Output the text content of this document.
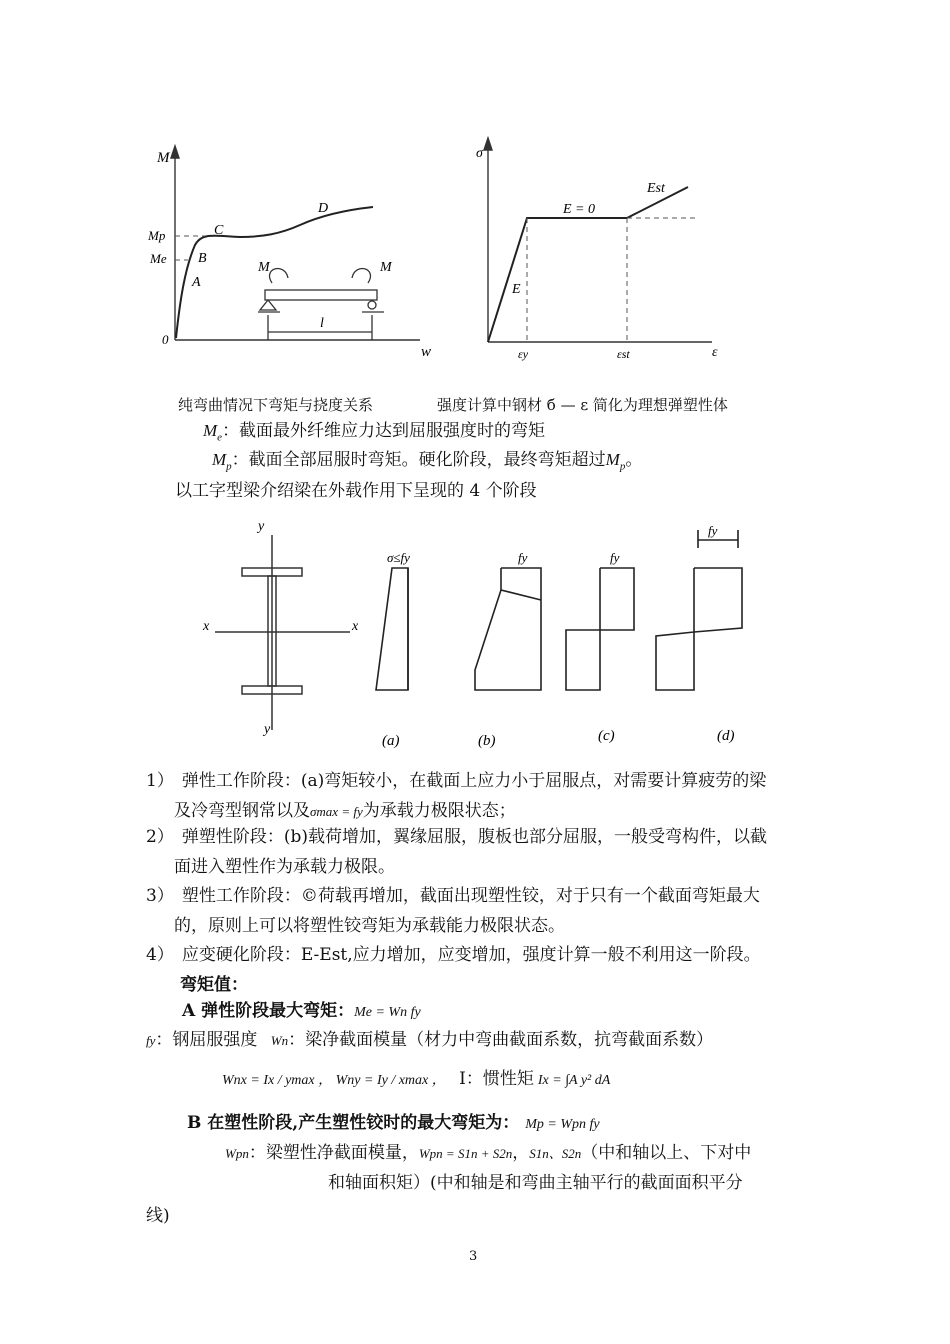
M
w
0
Mp
Me
A
B
C
D
M	M
l
σ
ε
E
E = 0
Est
εy	εst
纯弯曲情况下弯矩与挠度关系	强度计算中钢材 б — ε 简化为理想弹塑性体
$M_e$：截面最外纤维应力达到屈服强度时的弯矩
$M_p$：截面全部屈服时弯矩。硬化阶段，最终弯矩超过$M_p$。
以工字型梁介绍梁在外载作用下呈现的 4 个阶段
y
y
x	x
σ≤fy
(a)
fy
(b)
fy
(c)
fy
(d)
1） 弹性工作阶段：(a)弯矩较小，在截面上应力小于屈服点，对需要计算疲劳的梁
及冷弯型钢常以及σmax = fy为承载力极限状态；
2） 弹塑性阶段：(b)载荷增加，翼缘屈服，腹板也部分屈服，一般受弯构件，以截
面进入塑性作为承载力极限。
3） 塑性工作阶段：©荷载再增加，截面出现塑性铰，对于只有一个截面弯矩最大
的，原则上可以将塑性铰弯矩为承载能力极限状态。
4） 应变硬化阶段：E-Est,应力增加，应变增加，强度计算一般不利用这一阶段。
弯矩值：
A 弹性阶段最大弯矩：Me = Wn fy
fy：钢屈服强度 Wn：梁净截面模量（材力中弯曲截面系数，抗弯截面系数）
Wnx = Ix / ymax ， Wny = Iy / xmax ， I：惯性矩 Ix = ∫A y² dA
B 在塑性阶段,产生塑性铰时的最大弯矩为： Mp = Wpn fy
Wpn：梁塑性净截面模量，Wpn = S1n + S2n，S1n、S2n（中和轴以上、下对中
和轴面积矩）(中和轴是和弯曲主轴平行的截面面积平分
线)
3
